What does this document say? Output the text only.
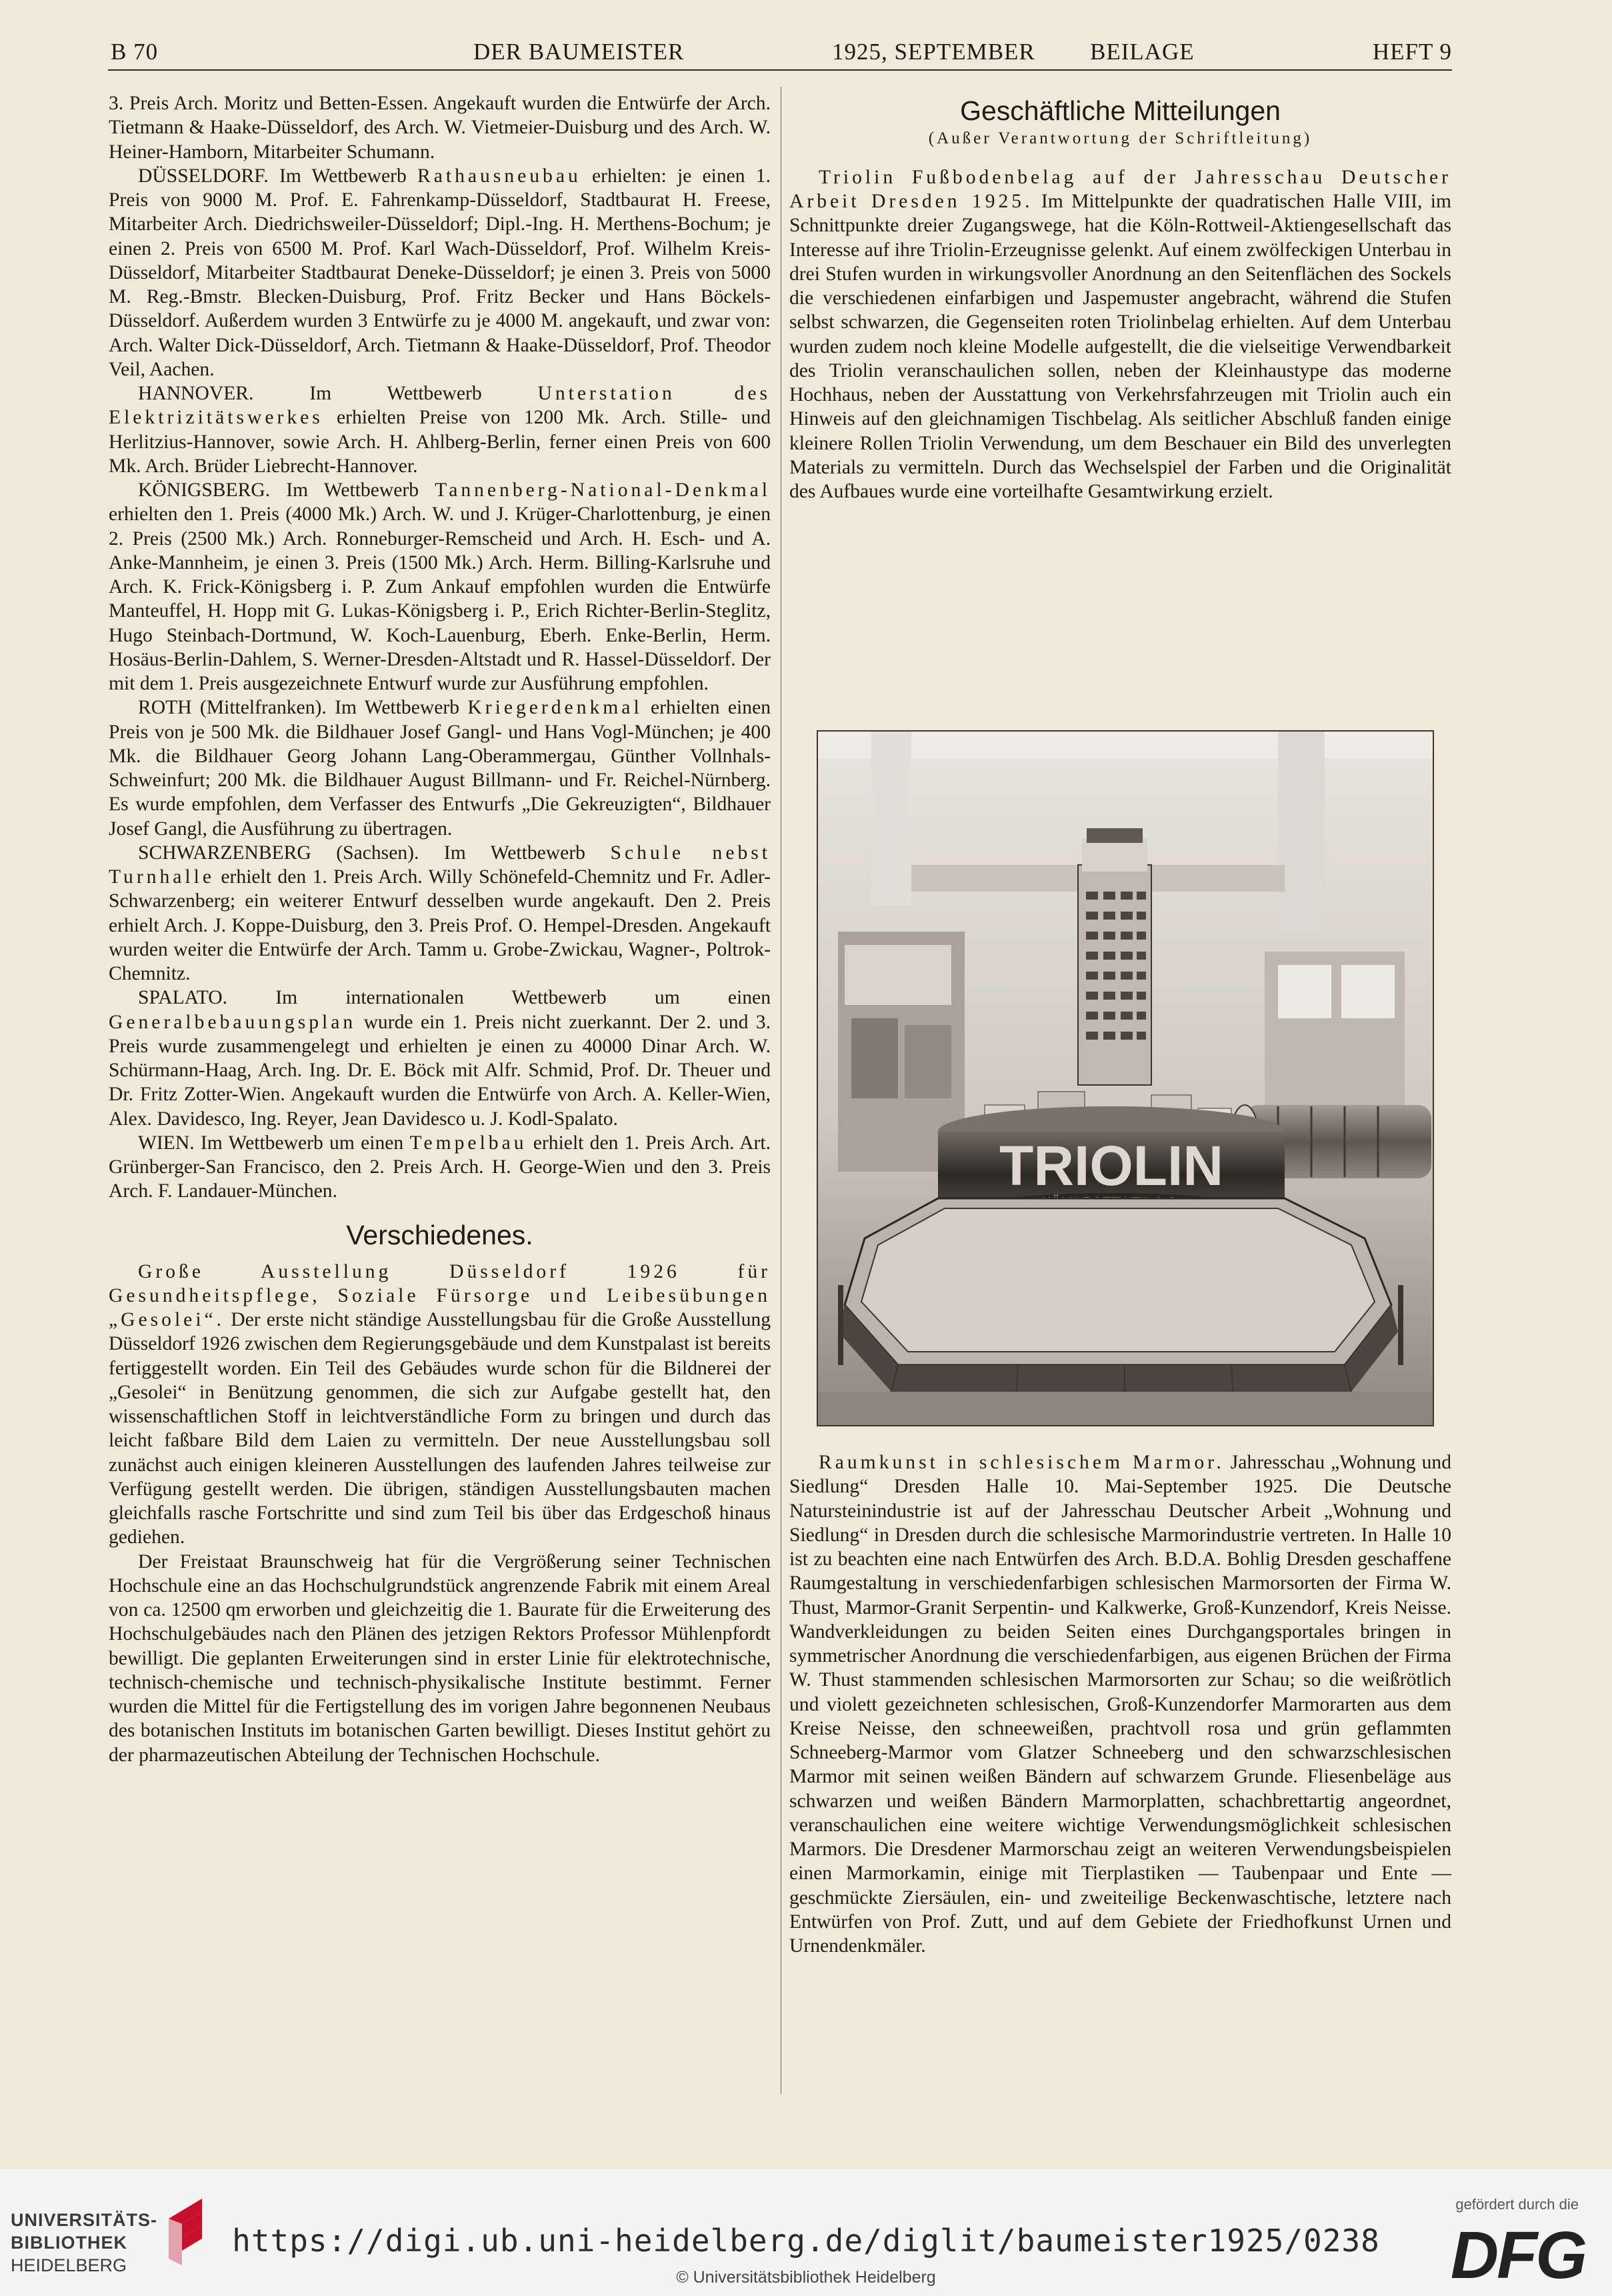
B 70	DER BAUMEISTER	1925, SEPTEMBER BEILAGE	HEFT 9

3. Preis Arch. Moritz und Betten-Essen. Angekauft wurden die Entwürfe der Arch. Tietmann & Haake-Düsseldorf, des Arch. W. Vietmeier-Duisburg und des Arch. W. Heiner-Hamborn, Mitarbeiter Schumann.

DÜSSELDORF. Im Wettbewerb Rathausneubau erhielten: je einen 1. Preis von 9000 M. Prof. E. Fahrenkamp-Düsseldorf, Stadtbaurat H. Freese, Mitarbeiter Arch. Diedrichsweiler-Düsseldorf; Dipl.-Ing. H. Merthens-Bochum; je einen 2. Preis von 6500 M. Prof. Karl Wach-Düsseldorf, Prof. Wilhelm Kreis-Düsseldorf, Mitarbeiter Stadtbaurat Deneke-Düsseldorf; je einen 3. Preis von 5000 M. Reg.-Bmstr. Blecken-Duisburg, Prof. Fritz Becker und Hans Böckels-Düsseldorf. Außerdem wurden 3 Entwürfe zu je 4000 M. angekauft, und zwar von: Arch. Walter Dick-Düsseldorf, Arch. Tietmann & Haake-Düsseldorf, Prof. Theodor Veil, Aachen.

HANNOVER. Im Wettbewerb Unterstation des Elektrizitätswerkes erhielten Preise von 1200 Mk. Arch. Stille- und Herlitzius-Hannover, sowie Arch. H. Ahlberg-Berlin, ferner einen Preis von 600 Mk. Arch. Brüder Liebrecht-Hannover.

KÖNIGSBERG. Im Wettbewerb Tannenberg-National-Denkmal erhielten den 1. Preis (4000 Mk.) Arch. W. und J. Krüger-Charlottenburg, je einen 2. Preis (2500 Mk.) Arch. Ronneburger-Remscheid und Arch. H. Esch- und A. Anke-Mannheim, je einen 3. Preis (1500 Mk.) Arch. Herm. Billing-Karlsruhe und Arch. K. Frick-Königsberg i. P. Zum Ankauf empfohlen wurden die Entwürfe Manteuffel, H. Hopp mit G. Lukas-Königsberg i. P., Erich Richter-Berlin-Steglitz, Hugo Steinbach-Dortmund, W. Koch-Lauenburg, Eberh. Enke-Berlin, Herm. Hosäus-Berlin-Dahlem, S. Werner-Dresden-Altstadt und R. Hassel-Düsseldorf. Der mit dem 1. Preis ausgezeichnete Entwurf wurde zur Ausführung empfohlen.

ROTH (Mittelfranken). Im Wettbewerb Kriegerdenkmal erhielten einen Preis von je 500 Mk. die Bildhauer Josef Gangl- und Hans Vogl-München; je 400 Mk. die Bildhauer Georg Johann Lang-Oberammergau, Günther Vollnhals-Schweinfurt; 200 Mk. die Bildhauer August Billmann- und Fr. Reichel-Nürnberg. Es wurde empfohlen, dem Verfasser des Entwurfs „Die Gekreuzigten“, Bildhauer Josef Gangl, die Ausführung zu übertragen.

SCHWARZENBERG (Sachsen). Im Wettbewerb Schule nebst Turnhalle erhielt den 1. Preis Arch. Willy Schönefeld-Chemnitz und Fr. Adler-Schwarzenberg; ein weiterer Entwurf desselben wurde angekauft. Den 2. Preis erhielt Arch. J. Koppe-Duisburg, den 3. Preis Prof. O. Hempel-Dresden. Angekauft wurden weiter die Entwürfe der Arch. Tamm u. Grobe-Zwickau, Wagner-, Poltrok-Chemnitz.

SPALATO. Im internationalen Wettbewerb um einen Generalbebauungsplan wurde ein 1. Preis nicht zuerkannt. Der 2. und 3. Preis wurde zusammengelegt und erhielten je einen zu 40000 Dinar Arch. W. Schürmann-Haag, Arch. Ing. Dr. E. Böck mit Alfr. Schmid, Prof. Dr. Theuer und Dr. Fritz Zotter-Wien. Angekauft wurden die Entwürfe von Arch. A. Keller-Wien, Alex. Davidesco, Ing. Reyer, Jean Davidesco u. J. Kodl-Spalato.

WIEN. Im Wettbewerb um einen Tempelbau erhielt den 1. Preis Arch. Art. Grünberger-San Francisco, den 2. Preis Arch. H. George-Wien und den 3. Preis Arch. F. Landauer-München.

Verschiedenes.

Große Ausstellung Düsseldorf 1926 für Gesundheitspflege, Soziale Fürsorge und Leibesübungen „Gesolei“. Der erste nicht ständige Ausstellungsbau für die Große Ausstellung Düsseldorf 1926 zwischen dem Regierungsgebäude und dem Kunstpalast ist bereits fertiggestellt worden. Ein Teil des Gebäudes wurde schon für die Bildnerei der „Gesolei“ in Benützung genommen, die sich zur Aufgabe gestellt hat, den wissenschaftlichen Stoff in leichtverständliche Form zu bringen und durch das leicht faßbare Bild dem Laien zu vermitteln. Der neue Ausstellungsbau soll zunächst auch einigen kleineren Ausstellungen des laufenden Jahres teilweise zur Verfügung gestellt werden. Die übrigen, ständigen Ausstellungsbauten machen gleichfalls rasche Fortschritte und sind zum Teil bis über das Erdgeschoß hinaus gediehen.

Der Freistaat Braunschweig hat für die Vergrößerung seiner Technischen Hochschule eine an das Hochschulgrundstück angrenzende Fabrik mit einem Areal von ca. 12500 qm erworben und gleichzeitig die 1. Baurate für die Erweiterung des Hochschulgebäudes nach den Plänen des jetzigen Rektors Professor Mühlenpfordt bewilligt. Die geplanten Erweiterungen sind in erster Linie für elektrotechnische, technisch-chemische und technisch-physikalische Institute bestimmt. Ferner wurden die Mittel für die Fertigstellung des im vorigen Jahre begonnenen Neubaus des botanischen Instituts im botanischen Garten bewilligt. Dieses Institut gehört zu der pharmazeutischen Abteilung der Technischen Hochschule.

Geschäftliche Mitteilungen
(Außer Verantwortung der Schriftleitung)

Triolin Fußbodenbelag auf der Jahresschau Deutscher Arbeit Dresden 1925. Im Mittelpunkte der quadratischen Halle VIII, im Schnittpunkte dreier Zugangswege, hat die Köln-Rottweil-Aktiengesellschaft das Interesse auf ihre Triolin-Erzeugnisse gelenkt. Auf einem zwölfeckigen Unterbau in drei Stufen wurden in wirkungsvoller Anordnung an den Seitenflächen des Sockels die verschiedenen einfarbigen und Jaspemuster angebracht, während die Stufen selbst schwarzen, die Gegenseiten roten Triolinbelag erhielten. Auf dem Unterbau wurden zudem noch kleine Modelle aufgestellt, die die vielseitige Verwendbarkeit des Triolin veranschaulichen sollen, neben der Kleinhaustype das moderne Hochhaus, neben der Ausstattung von Verkehrsfahrzeugen mit Triolin auch ein Hinweis auf den gleichnamigen Tischbelag. Als seitlicher Abschluß fanden einige kleinere Rollen Triolin Verwendung, um dem Beschauer ein Bild des unverlegten Materials zu vermitteln. Durch das Wechselspiel der Farben und die Originalität des Aufbaues wurde eine vorteilhafte Gesamtwirkung erzielt.

TRIOLIN

Raumkunst in schlesischem Marmor. Jahresschau „Wohnung und Siedlung“ Dresden Halle 10. Mai-September 1925. Die Deutsche Natursteinindustrie ist auf der Jahresschau Deutscher Arbeit „Wohnung und Siedlung“ in Dresden durch die schlesische Marmorindustrie vertreten. In Halle 10 ist zu beachten eine nach Entwürfen des Arch. B.D.A. Bohlig Dresden geschaffene Raumgestaltung in verschiedenfarbigen schlesischen Marmorsorten der Firma W. Thust, Marmor-Granit Serpentin- und Kalkwerke, Groß-Kunzendorf, Kreis Neisse. Wandverkleidungen zu beiden Seiten eines Durchgangsportales bringen in symmetrischer Anordnung die verschiedenfarbigen, aus eigenen Brüchen der Firma W. Thust stammenden schlesischen Marmorsorten zur Schau; so die weißrötlich und violett gezeichneten schlesischen, Groß-Kunzendorfer Marmorarten aus dem Kreise Neisse, den schneeweißen, prachtvoll rosa und grün geflammten Schneeberg-Marmor vom Glatzer Schneeberg und den schwarzschlesischen Marmor mit seinen weißen Bändern auf schwarzem Grunde. Fliesenbeläge aus schwarzen und weißen Bändern Marmorplatten, schachbrettartig angeordnet, veranschaulichen eine weitere wichtige Verwendungsmöglichkeit schlesischen Marmors. Die Dresdener Marmorschau zeigt an weiteren Verwendungsbeispielen einen Marmorkamin, einige mit Tierplastiken — Taubenpaar und Ente — geschmückte Ziersäulen, ein- und zweiteilige Beckenwaschtische, letztere nach Entwürfen von Prof. Zutt, und auf dem Gebiete der Friedhofkunst Urnen und Urnendenkmäler.

UNIVERSITÄTS-
BIBLIOTHEK
HEIDELBERG
https://digi.ub.uni-heidelberg.de/diglit/baumeister1925/0238
© Universitätsbibliothek Heidelberg
gefördert durch die
DFG
